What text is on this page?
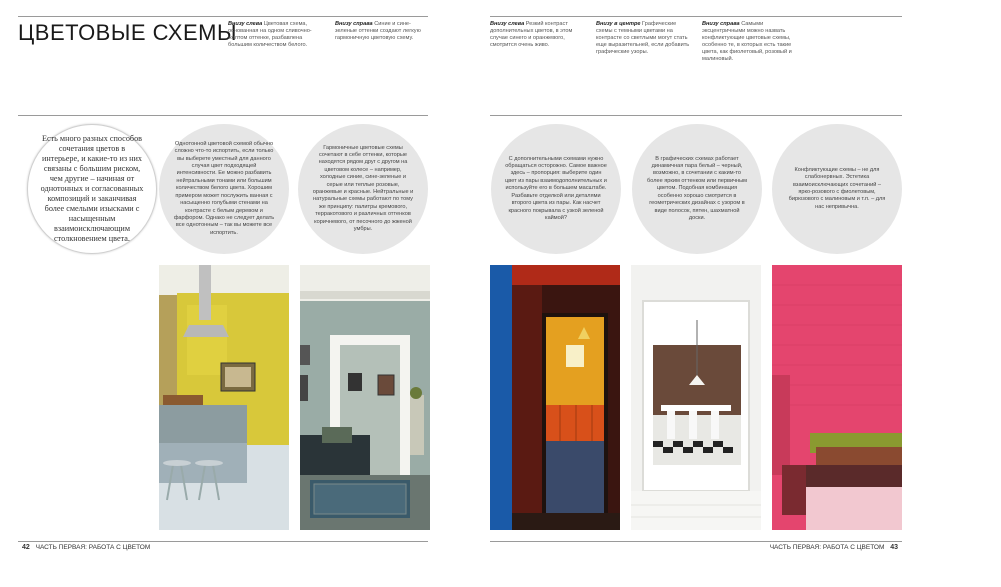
ЦВЕТОВЫЕ СХЕМЫ
Внизу слева Цветовая схема, основанная на одном сливочно-желтом оттенке, разбавлена большим количеством белого.
Внизу справа Синие и сине-зеленые оттенки создают легкую гармоничную цветовую схему.
Есть много разных способов сочетания цветов в интерьере, и какие-то из них связаны с большим риском, чем другие – начиная от однотонных и согласованных композиций и заканчивая более смелыми изысками с насыщенным взаимоисключающим столкновением цвета.
Однотонной цветовой схемой обычно сложно что-то испортить, если только вы выберете уместный для данного случая цвет подходящей интенсивности. Ее можно разбавить нейтральными тонами или большим количеством белого цвета. Хорошим примером может послужить ванная с насыщенно голубыми стенами на контрасте с белым деревом и фарфором. Однако не следует делать все однотонным – так вы можете все испортить.
Гармоничные цветовые схемы сочетают в себе оттенки, которые находятся рядом друг с другом на цветовом колесе – например, холодные синие, сине-зеленые и серые или теплые розовые, оранжевые и красные. Нейтральные и натуральные схемы работают по тому же принципу: палитры кремового, терракотового и различных оттенков коричневого, от песочного до жженой умбры.
42 ЧАСТЬ ПЕРВАЯ: РАБОТА С ЦВЕТОМ
Внизу слева Резкий контраст дополнительных цветов, в этом случае синего и оранжевого, смотрится очень живо.
Внизу в центре Графические схемы с темными цветами на контрасте со светлыми могут стать еще выразительней, если добавить графические узоры.
Внизу справа Самыми эксцентричными можно назвать конфликтующие цветовые схемы, особенно те, в которых есть такие цвета, как фиолетовый, розовый и малиновый.
С дополнительными схемами нужно обращаться осторожно. Самое важное здесь – пропорция: выберите один цвет из пары взаимодополнительных и используйте его в большем масштабе. Разбавьте отделкой или деталями второго цвета из пары. Как насчет красного покрывала с узкой зеленой каймой?
В графических схемах работает динамичная пара белый – черный, возможно, в сочетании с каким-то более ярким оттенком или первичным цветом. Подобная комбинация особенно хорошо смотрится в геометрических дизайнах с узором в виде полосок, пятен, шахматной доски.
Конфликтующие схемы – не для слабонервных. Эстетика взаимоисключающих сочетаний – ярко-розового с фиолетовым, бирюзового с малиновым и т.п. – для нас непривычна.
ЧАСТЬ ПЕРВАЯ: РАБОТА С ЦВЕТОМ 43
